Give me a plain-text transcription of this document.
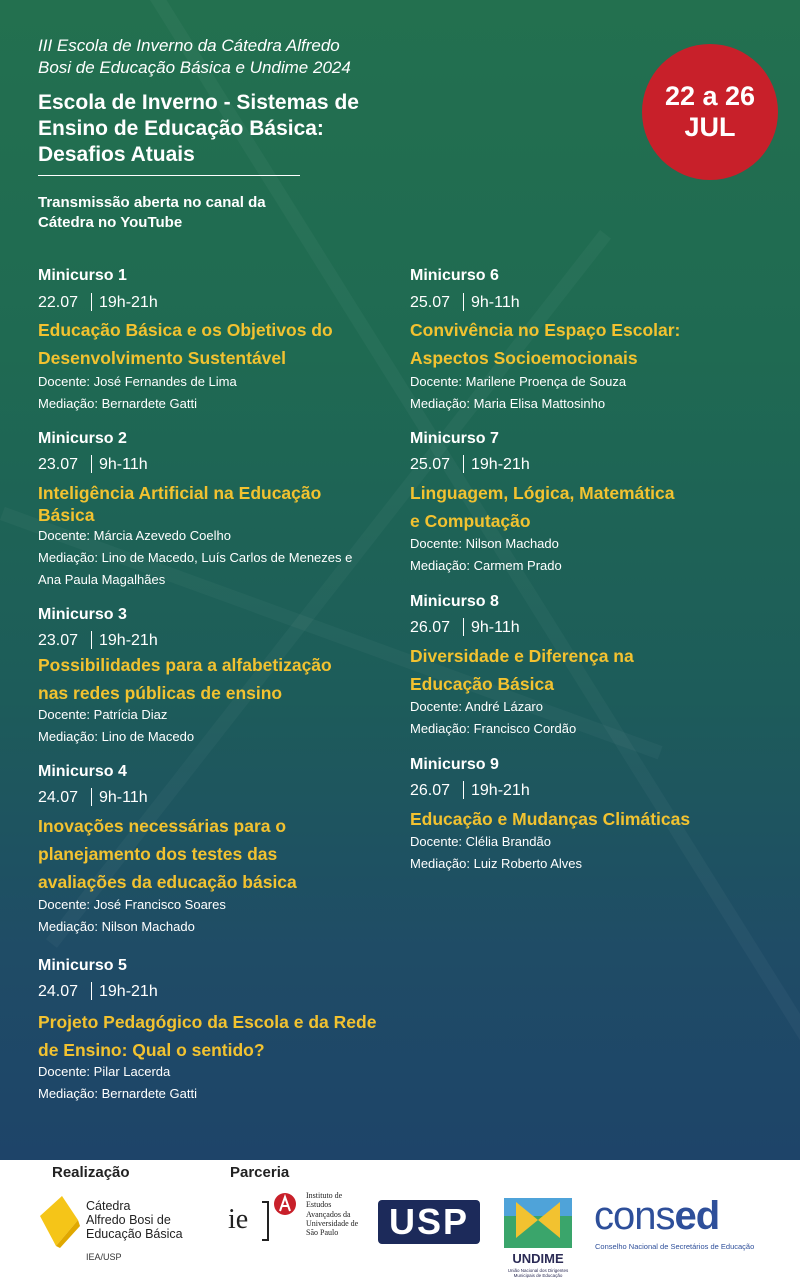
III Escola de Inverno da Cátedra Alfredo
Bosi de Educação Básica e Undime 2024
Escola de Inverno - Sistemas de
Ensino de Educação Básica:
Desafios Atuais
Transmissão aberta no canal da
Cátedra no YouTube
22 a 26
JUL
Minicurso 1
22.07 19h-21h
Educação Básica e os Objetivos do
Desenvolvimento Sustentável
Docente: José Fernandes de Lima
Mediação: Bernardete Gatti
Minicurso 2
23.07 9h-11h
Inteligência Artificial na Educação
Básica
Docente: Márcia Azevedo Coelho
Mediação: Lino de Macedo, Luís Carlos de Menezes e
Ana Paula Magalhães
Minicurso 3
23.07 19h-21h
Possibilidades para a alfabetização
nas redes públicas de ensino
Docente: Patrícia Diaz
Mediação: Lino de Macedo
Minicurso 4
24.07 9h-11h
Inovações necessárias para o
planejamento dos testes das
avaliações da educação básica
Docente: José Francisco Soares
Mediação: Nilson Machado
Minicurso 5
24.07 19h-21h
Projeto Pedagógico da Escola e da Rede
de Ensino: Qual o sentido?
Docente: Pilar Lacerda
Mediação: Bernardete Gatti
Minicurso 6
25.07 9h-11h
Convivência no Espaço Escolar:
Aspectos Socioemocionais
Docente: Marilene Proença de Souza
Mediação: Maria Elisa Mattosinho
Minicurso 7
25.07 19h-21h
Linguagem, Lógica, Matemática
e Computação
Docente: Nilson Machado
Mediação: Carmem Prado
Minicurso 8
26.07 9h-11h
Diversidade e Diferença na
Educação Básica
Docente: André Lázaro
Mediação: Francisco Cordão
Minicurso 9
26.07 19h-21h
Educação e Mudanças Climáticas
Docente: Clélia Brandão
Mediação: Luiz Roberto Alves
Realização	Parceria
Cátedra
Alfredo Bosi de
Educação Básica
IEA/USP
ie
Instituto de
Estudos
Avançados da
Universidade de
São Paulo	USP
UNDIME
União Nacional dos Dirigentes
Municipais de Educação
consed
Conselho Nacional de Secretários de Educação
